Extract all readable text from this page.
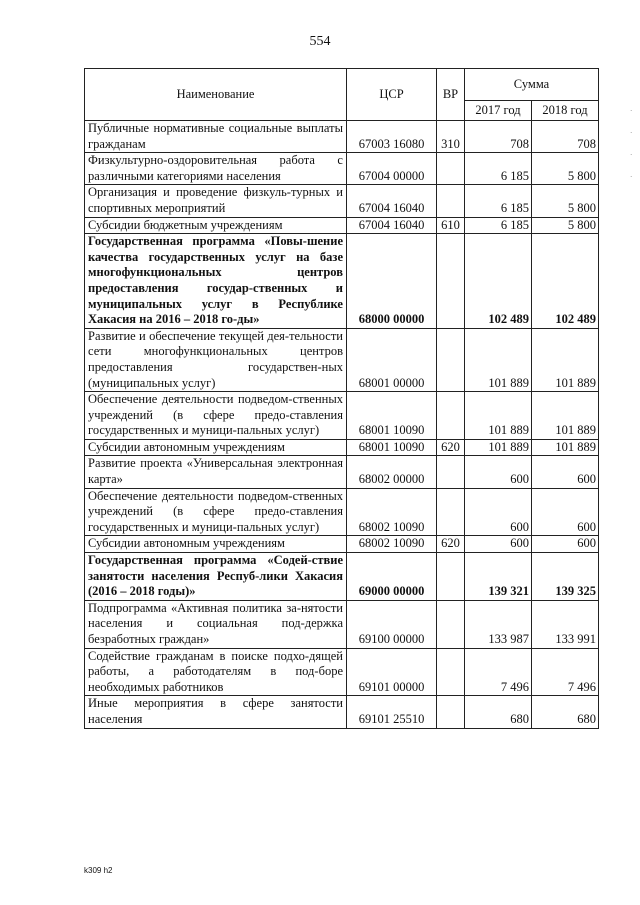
554
Наименование	ЦСР	ВР	Сумма	
			2017 год	2018 год
Публичные нормативные социальные выплаты гражданам	67003 16080	310	708	708
Физкультурно-оздоровительная работа с различными категориями населения	67004 00000		6 185	5 800
Организация и проведение физкуль-турных и спортивных мероприятий	67004 16040		6 185	5 800
Субсидии бюджетным учреждениям	67004 16040	610	6 185	5 800
Государственная программа «Повы-шение качества государственных услуг на базе многофункциональных центров предоставления государ-ственных и муниципальных услуг в Республике Хакасия на 2016 – 2018 го-ды»	68000 00000		102 489	102 489
Развитие и обеспечение текущей дея-тельности сети многофункциональных центров предоставления государствен-ных (муниципальных услуг)	68001 00000		101 889	101 889
Обеспечение деятельности подведом-ственных учреждений (в сфере предо-ставления государственных и муници-пальных услуг)	68001 10090		101 889	101 889
Субсидии автономным учреждениям	68001 10090	620	101 889	101 889
Развитие проекта «Универсальная электронная карта»	68002 00000		600	600
Обеспечение деятельности подведом-ственных учреждений (в сфере предо-ставления государственных и муници-пальных услуг)	68002 10090		600	600
Субсидии автономным учреждениям	68002 10090	620	600	600
Государственная программа «Содей-ствие занятости населения Респуб-лики Хакасия (2016 – 2018 годы)»	69000 00000		139 321	139 325
Подпрограмма «Активная политика за-нятости населения и социальная под-держка безработных граждан»	69100 00000		133 987	133 991
Содействие гражданам в поиске подхо-дящей работы, а работодателям в под-боре необходимых работников	69101 00000		7 496	7 496
Иные мероприятия в сфере занятости населения	69101 25510		680	680
·
·
·
·
k309 h2
